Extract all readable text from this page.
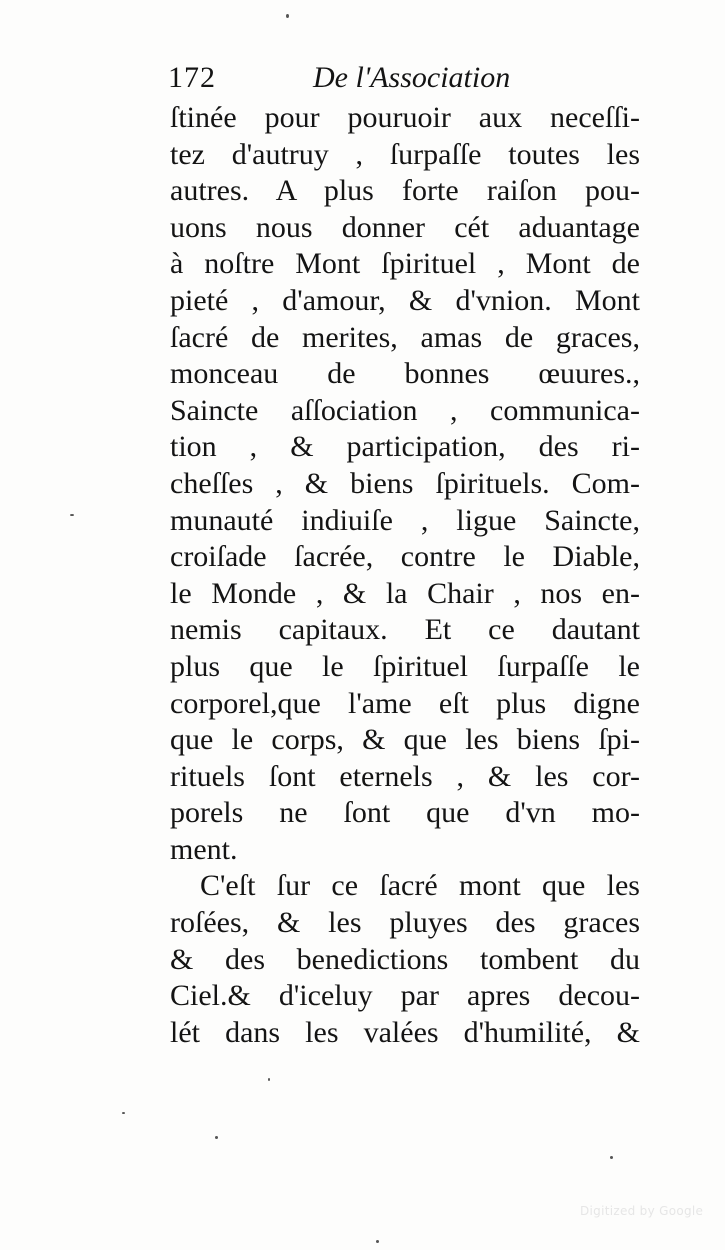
172	De l'Association
ſtinée pour pouruoir aux neceſſi-
tez d'autruy , ſurpaſſe toutes les
autres. A plus forte raiſon pou-
uons nous donner cét aduantage
à noſtre Mont ſpirituel , Mont de
pieté , d'amour, & d'vnion. Mont
ſacré de merites, amas de graces,
monceau de bonnes œuures.,
Saincte aſſociation , communica-
tion , & participation, des ri-
cheſſes , & biens ſpirituels. Com-
munauté indiuiſe , ligue Saincte,
croiſade ſacrée, contre le Diable,
le Monde , & la Chair , nos en-
nemis capitaux. Et ce dautant
plus que le ſpirituel ſurpaſſe le
corporel,que l'ame eſt plus digne
que le corps, & que les biens ſpi-
rituels ſont eternels , & les cor-
porels ne ſont que d'vn mo-
ment.
C'eſt ſur ce ſacré mont que les
roſées, & les pluyes des graces
& des benedictions tombent du
Ciel.& d'iceluy par apres decou-
lét dans les valées d'humilité, &
Digitized by Google
